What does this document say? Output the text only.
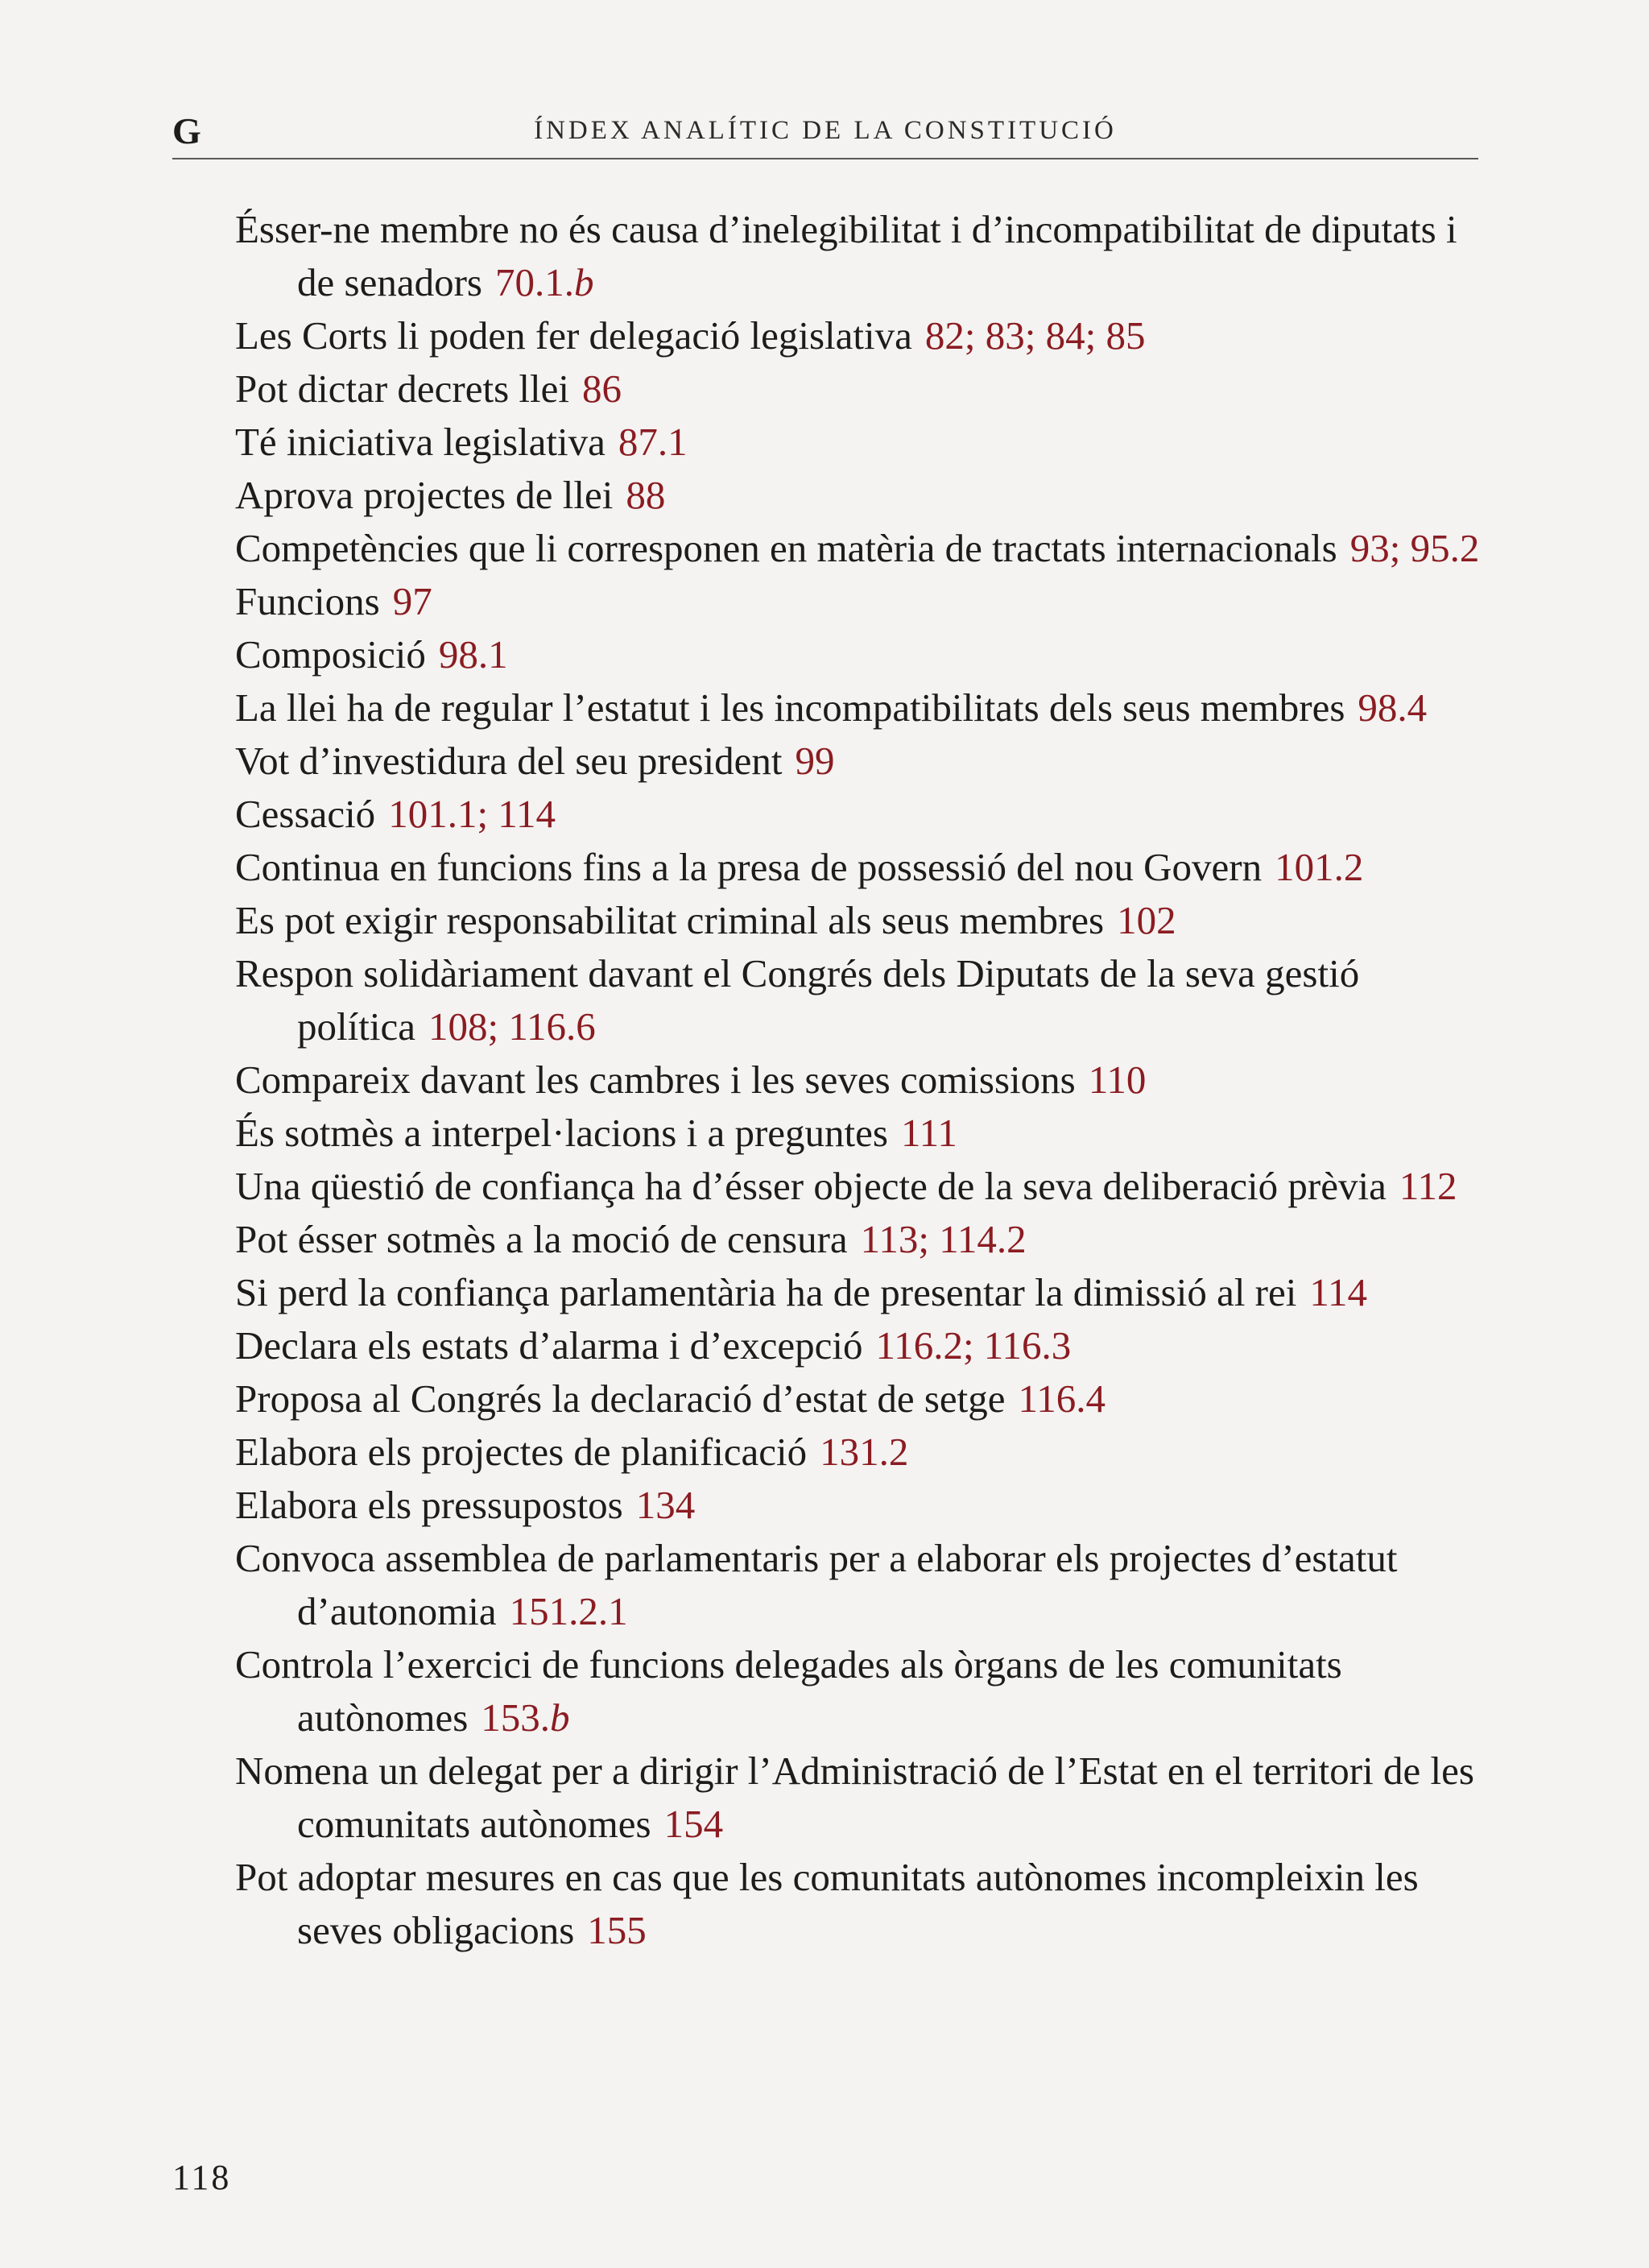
G	ÍNDEX ANALÍTIC DE LA CONSTITUCIÓ
Ésser-ne membre no és causa d’inelegibilitat i d’incompatibilitat de diputats i de senadors 70.1.b
Les Corts li poden fer delegació legislativa 82; 83; 84; 85
Pot dictar decrets llei 86
Té iniciativa legislativa 87.1
Aprova projectes de llei 88
Competències que li corresponen en matèria de tractats internacionals 93; 95.2
Funcions 97
Composició 98.1
La llei ha de regular l’estatut i les incompatibilitats dels seus membres 98.4
Vot d’investidura del seu president 99
Cessació 101.1; 114
Continua en funcions fins a la presa de possessió del nou Govern 101.2
Es pot exigir responsabilitat criminal als seus membres 102
Respon solidàriament davant el Congrés dels Diputats de la seva gestió política 108; 116.6
Compareix davant les cambres i les seves comissions 110
És sotmès a interpel·lacions i a preguntes 111
Una qüestió de confiança ha d’ésser objecte de la seva deliberació prèvia 112
Pot ésser sotmès a la moció de censura 113; 114.2
Si perd la confiança parlamentària ha de presentar la dimissió al rei 114
Declara els estats d’alarma i d’excepció 116.2; 116.3
Proposa al Congrés la declaració d’estat de setge 116.4
Elabora els projectes de planificació 131.2
Elabora els pressupostos 134
Convoca assemblea de parlamentaris per a elaborar els projectes d’estatut d’autonomia 151.2.1
Controla l’exercici de funcions delegades als òrgans de les comunitats autònomes 153.b
Nomena un delegat per a dirigir l’Administració de l’Estat en el territori de les comunitats autònomes 154
Pot adoptar mesures en cas que les comunitats autònomes incompleixin les seves obligacions 155
118
